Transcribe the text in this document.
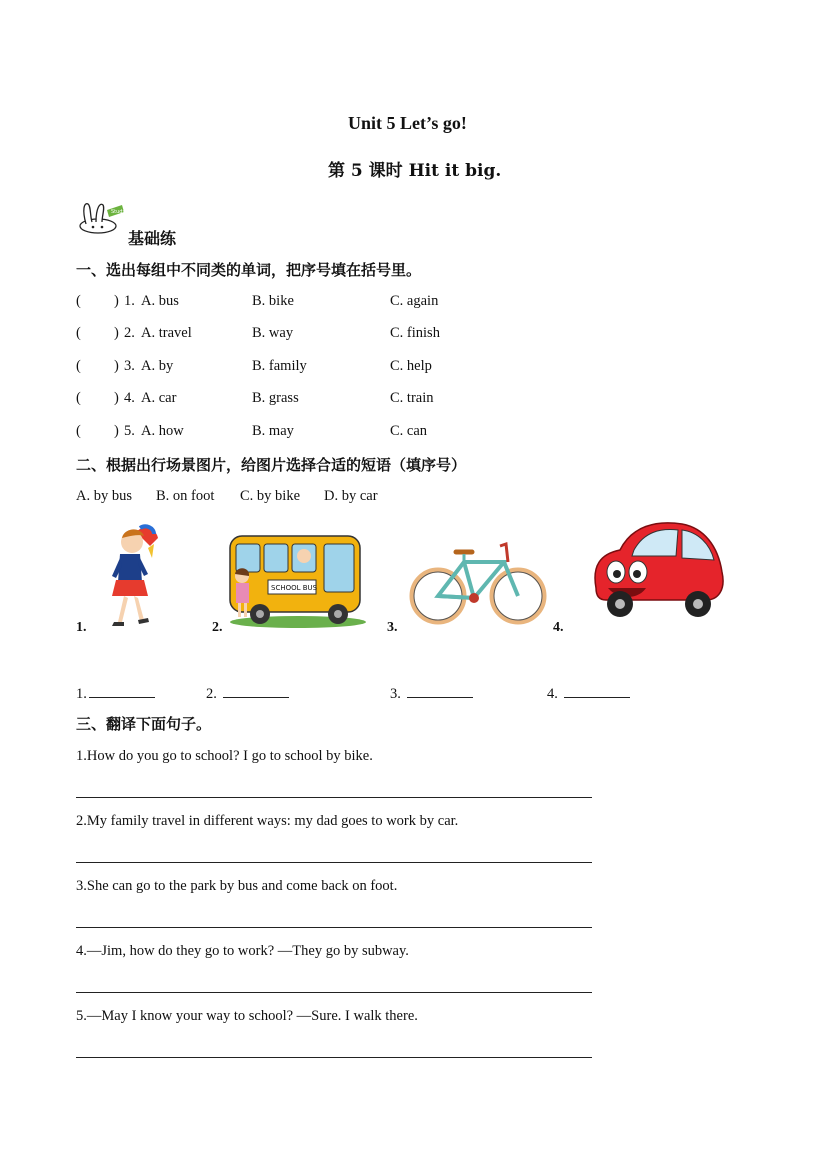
Unit 5 Let’s go!
第 5 课时 Hit it big.
Study
基础练
一、选出每组中不同类的单词，把序号填在括号里。
( ) 1. A. bus	B. bike	C. again
( ) 2. A. travel	B. way	C. finish
( ) 3. A. by	B. family	C. help
( ) 4. A. car	B. grass	C. train
( ) 5. A. how	B. may	C. can
二、根据出行场景图片，给图片选择合适的短语（填序号）
A. by bus B. on foot C. by bike D. by car
1.
SCHOOL BUS
2.	3.	4.
1.	2.	3.	4.
三、翻译下面句子。
1.How do you go to school? I go to school by bike.
2.My family travel in different ways: my dad goes to work by car.
3.She can go to the park by bus and come back on foot.
4.—Jim, how do they go to work? —They go by subway.
5.—May I know your way to school? —Sure. I walk there.
